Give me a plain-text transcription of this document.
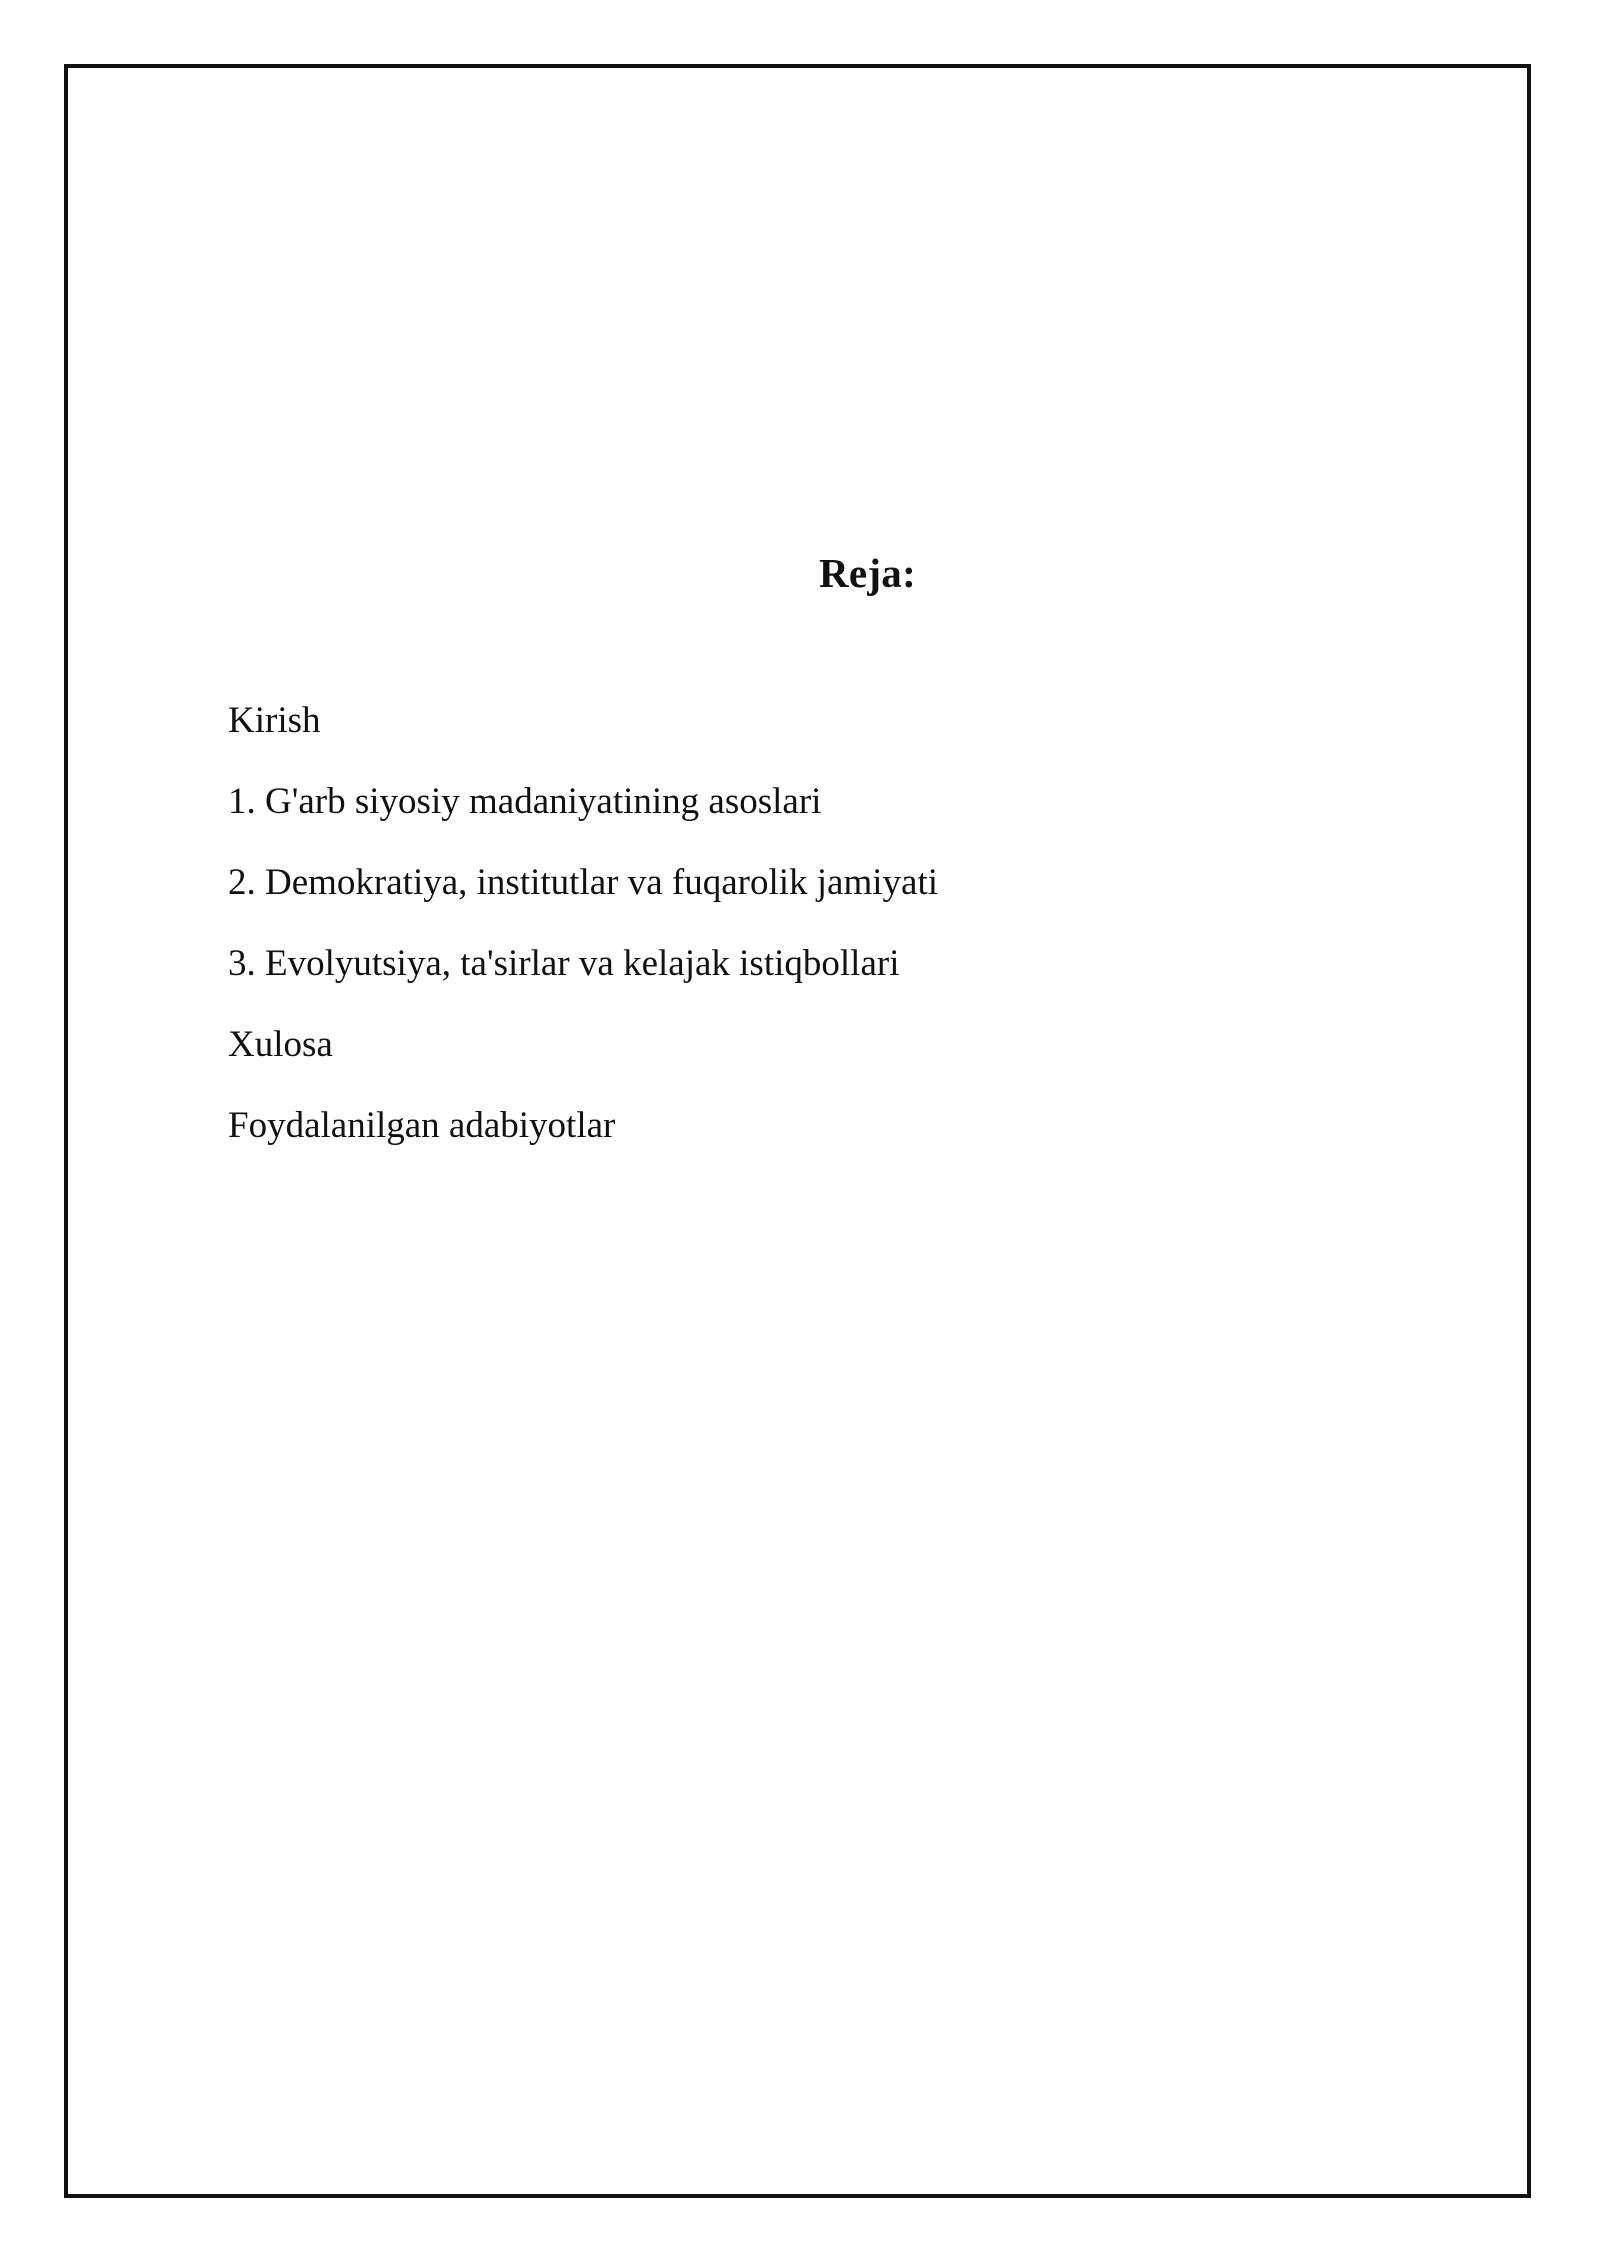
Reja:
Kirish
1. G'arb siyosiy madaniyatining asoslari
2. Demokratiya, institutlar va fuqarolik jamiyati
3. Evolyutsiya, ta'sirlar va kelajak istiqbollari
Xulosa
Foydalanilgan adabiyotlar
